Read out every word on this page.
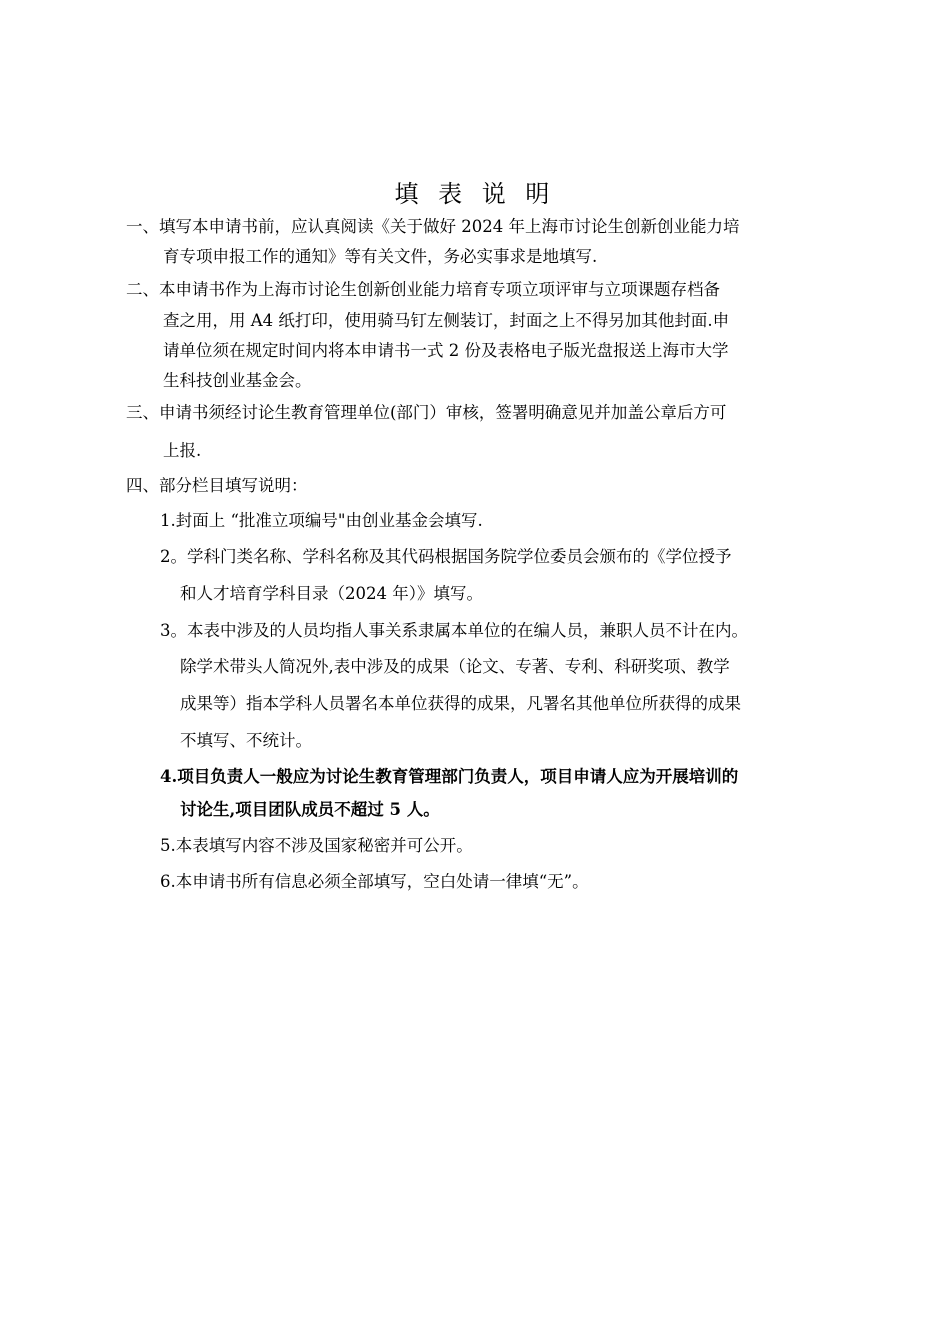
填 表 说 明
一、填写本申请书前，应认真阅读《关于做好 2024 年上海市讨论生创新创业能力培
育专项申报工作的通知》等有关文件，务必实事求是地填写.
二、本申请书作为上海市讨论生创新创业能力培育专项立项评审与立项课题存档备
查之用，用 A4 纸打印，使用骑马钉左侧装订，封面之上不得另加其他封面.申
请单位须在规定时间内将本申请书一式 2 份及表格电子版光盘报送上海市大学
生科技创业基金会。
三、申请书须经讨论生教育管理单位(部门）审核，签署明确意见并加盖公章后方可
上报.
四、部分栏目填写说明：
1.封面上 “批准立项编号"由创业基金会填写.
2。学科门类名称、学科名称及其代码根据国务院学位委员会颁布的《学位授予
和人才培育学科目录（2024 年）》填写。
3。本表中涉及的人员均指人事关系隶属本单位的在编人员，兼职人员不计在内。
除学术带头人简况外,表中涉及的成果（论文、专著、专利、科研奖项、教学
成果等）指本学科人员署名本单位获得的成果，凡署名其他单位所获得的成果
不填写、不统计。
4.项目负责人一般应为讨论生教育管理部门负责人，项目申请人应为开展培训的
讨论生,项目团队成员不超过 5 人。
5.本表填写内容不涉及国家秘密并可公开。
6.本申请书所有信息必须全部填写，空白处请一律填“无”。
